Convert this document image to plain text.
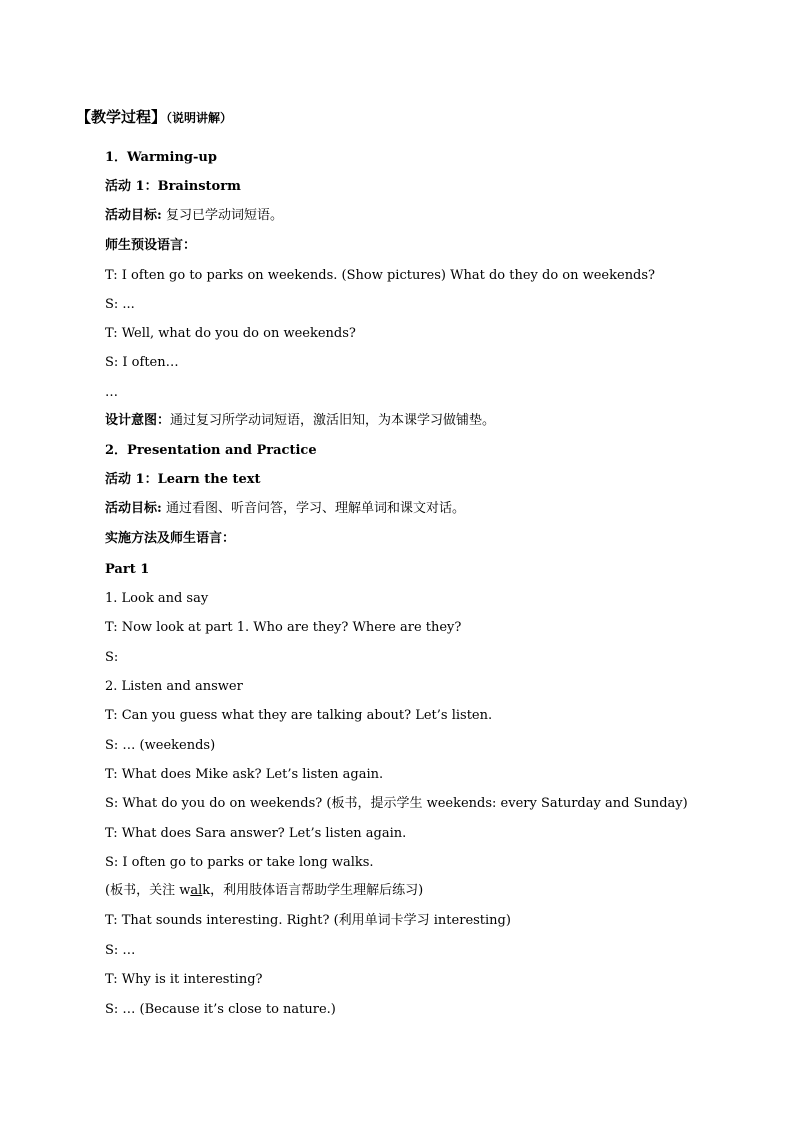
【教学过程】（说明讲解）
1．Warming-up
活动 1：Brainstorm
活动目标: 复习已学动词短语。
师生预设语言：
T: I often go to parks on weekends. (Show pictures) What do they do on weekends?
S: ...
T: Well, what do you do on weekends?
S: I often…
…
设计意图：通过复习所学动词短语，激活旧知，为本课学习做铺垫。
2．Presentation and Practice
活动 1：Learn the text
活动目标: 通过看图、听音问答，学习、理解单词和课文对话。
实施方法及师生语言：
Part 1
1. Look and say
T: Now look at part 1. Who are they? Where are they?
S:
2. Listen and answer
T: Can you guess what they are talking about? Let’s listen.
S: … (weekends)
T: What does Mike ask? Let’s listen again.
S: What do you do on weekends? (板书，提示学生 weekends: every Saturday and Sunday)
T: What does Sara answer? Let’s listen again.
S: I often go to parks or take long walks.
(板书，关注 walk，利用肢体语言帮助学生理解后练习)
T: That sounds interesting. Right? (利用单词卡学习 interesting)
S: …
T: Why is it interesting?
S: … (Because it’s close to nature.)
